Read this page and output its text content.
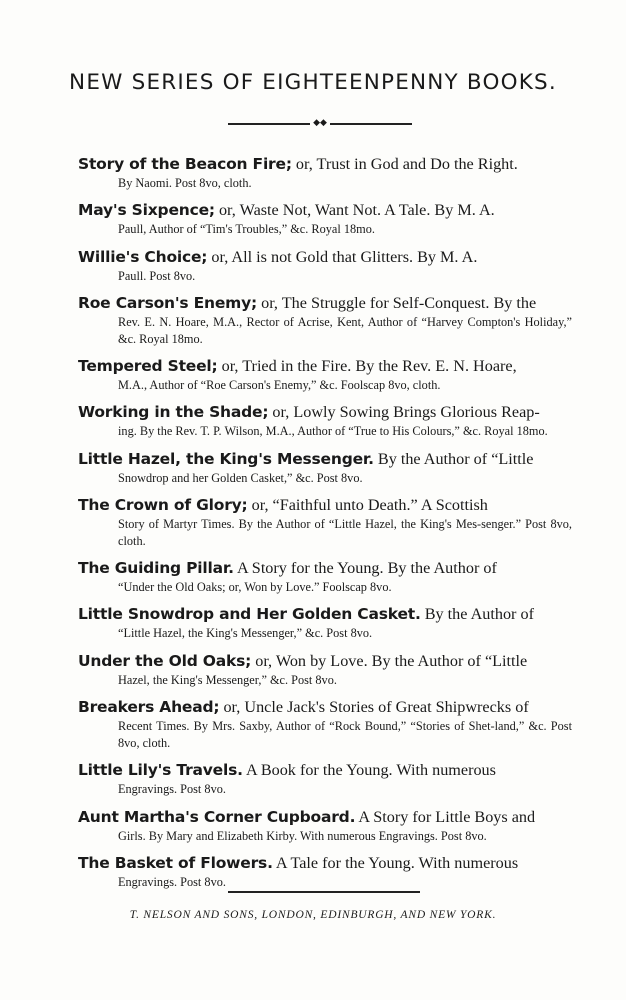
NEW SERIES OF EIGHTEENPENNY BOOKS.
◆◆
Story of the Beacon Fire; or, Trust in God and Do the Right.
By Naomi. Post 8vo, cloth.
May's Sixpence; or, Waste Not, Want Not. A Tale. By M. A.
Paull, Author of “Tim's Troubles,” &c. Royal 18mo.
Willie's Choice; or, All is not Gold that Glitters. By M. A.
Paull. Post 8vo.
Roe Carson's Enemy; or, The Struggle for Self-Conquest. By the
Rev. E. N. Hoare, M.A., Rector of Acrise, Kent, Author of “Harvey Compton's Holiday,” &c. Royal 18mo.
Tempered Steel; or, Tried in the Fire. By the Rev. E. N. Hoare,
M.A., Author of “Roe Carson's Enemy,” &c. Foolscap 8vo, cloth.
Working in the Shade; or, Lowly Sowing Brings Glorious Reap-
ing. By the Rev. T. P. Wilson, M.A., Author of “True to His Colours,” &c. Royal 18mo.
Little Hazel, the King's Messenger. By the Author of “Little
Snowdrop and her Golden Casket,” &c. Post 8vo.
The Crown of Glory; or, “Faithful unto Death.” A Scottish
Story of Martyr Times. By the Author of “Little Hazel, the King's Mes-senger.” Post 8vo, cloth.
The Guiding Pillar. A Story for the Young. By the Author of
“Under the Old Oaks; or, Won by Love.” Foolscap 8vo.
Little Snowdrop and Her Golden Casket. By the Author of
“Little Hazel, the King's Messenger,” &c. Post 8vo.
Under the Old Oaks; or, Won by Love. By the Author of “Little
Hazel, the King's Messenger,” &c. Post 8vo.
Breakers Ahead; or, Uncle Jack's Stories of Great Shipwrecks of
Recent Times. By Mrs. Saxby, Author of “Rock Bound,” “Stories of Shet-land,” &c. Post 8vo, cloth.
Little Lily's Travels. A Book for the Young. With numerous
Engravings. Post 8vo.
Aunt Martha's Corner Cupboard. A Story for Little Boys and
Girls. By Mary and Elizabeth Kirby. With numerous Engravings. Post 8vo.
The Basket of Flowers. A Tale for the Young. With numerous
Engravings. Post 8vo.
T. NELSON AND SONS, LONDON, EDINBURGH, AND NEW YORK.
